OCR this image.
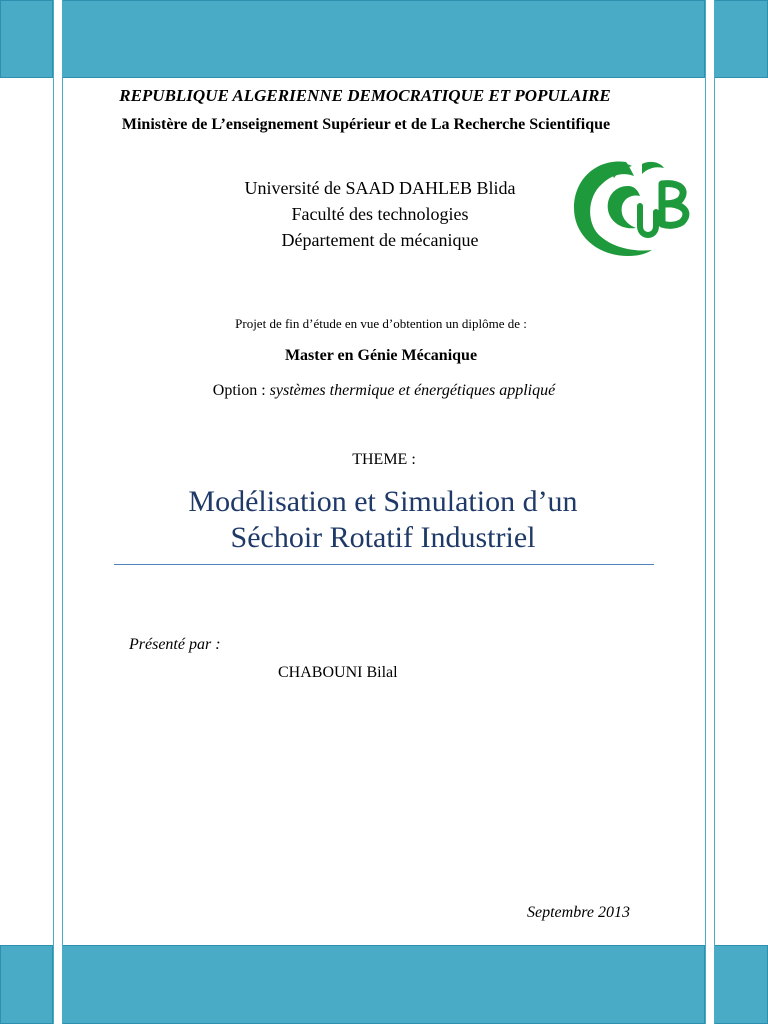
REPUBLIQUE ALGERIENNE DEMOCRATIQUE ET POPULAIRE
Ministère de L’enseignement Supérieur et de La Recherche Scientifique
Université de SAAD DAHLEB Blida
Faculté des technologies
Département de mécanique
Projet de fin d’étude en vue d’obtention un diplôme de :
Master en Génie Mécanique
Option : systèmes thermique et énergétiques appliqué
THEME :
Modélisation et Simulation d’un
Séchoir Rotatif Industriel
Présenté par :
CHABOUNI Bilal
Septembre 2013
